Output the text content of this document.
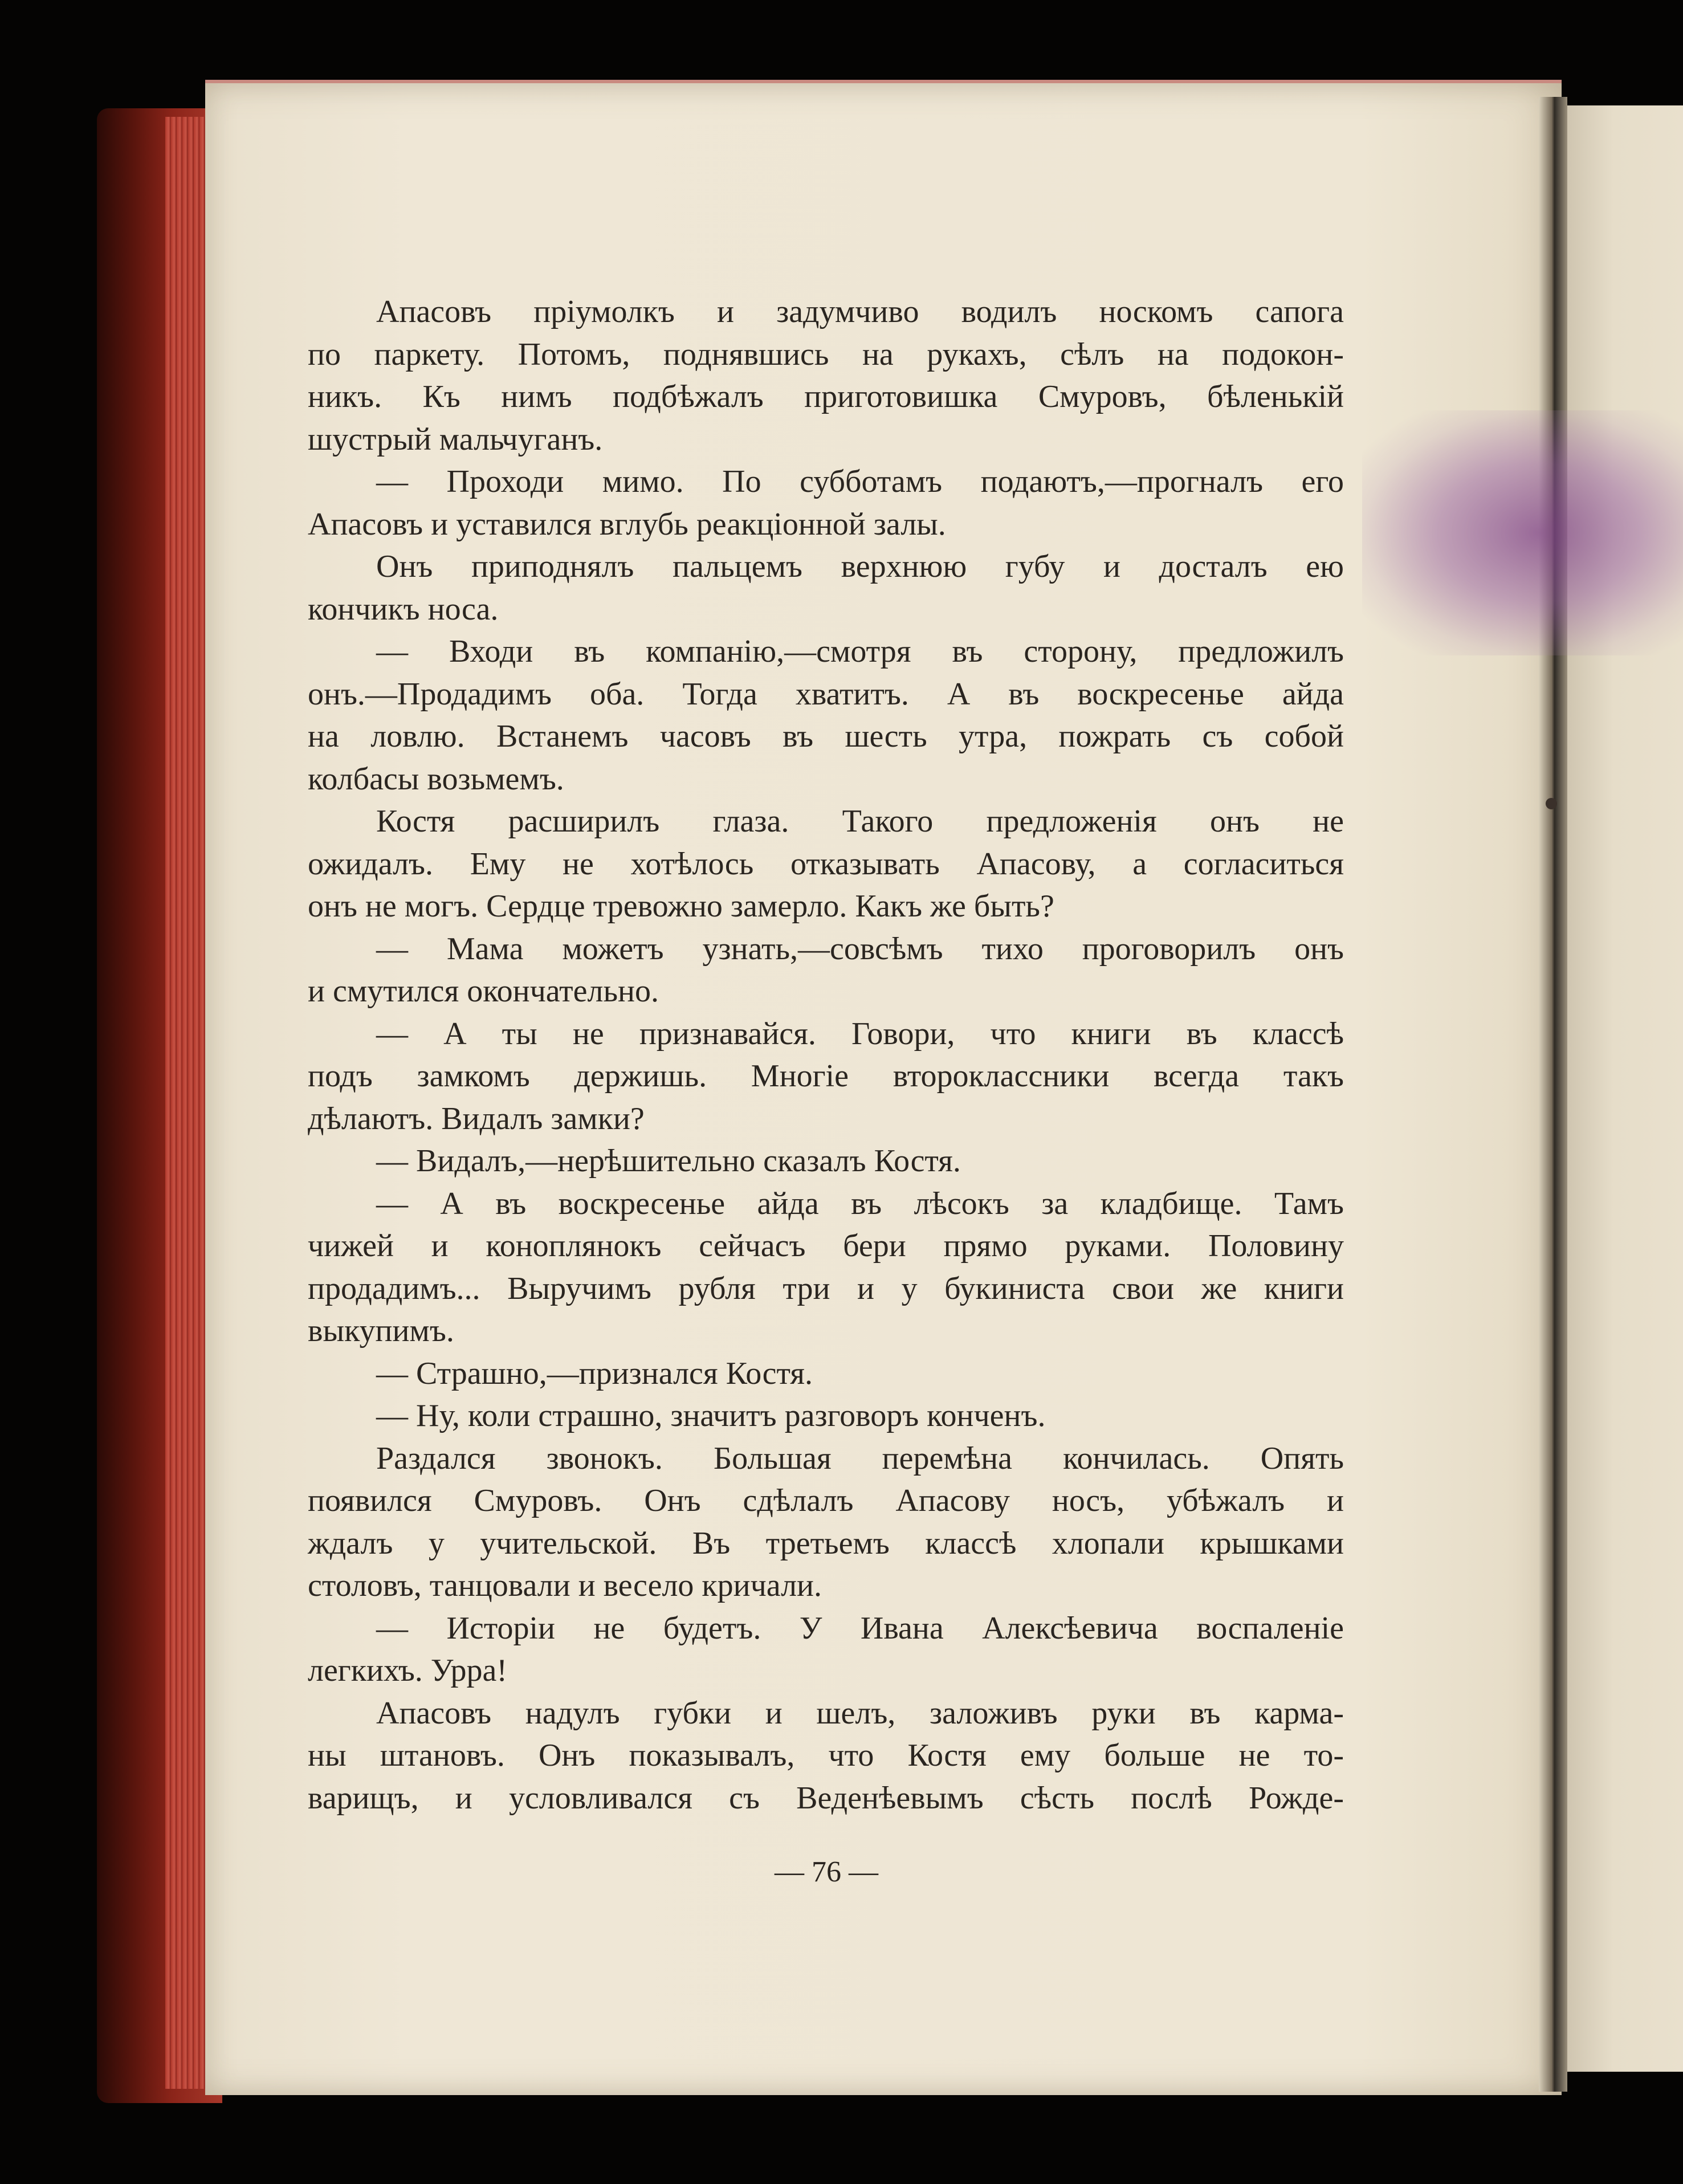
Апасовъ пріумолкъ и задумчиво водилъ носкомъ сапога

по паркету. Потомъ, поднявшись на рукахъ, сѣлъ на подокон-

никъ. Къ нимъ подбѣжалъ приготовишка Смуровъ, бѣленькій

шустрый мальчуганъ.

— Проходи мимо. По субботамъ подаютъ,—прогналъ его

Апасовъ и уставился вглубь реакціонной залы.

Онъ приподнялъ пальцемъ верхнюю губу и досталъ ею

кончикъ носа.

— Входи въ компанію,—смотря въ сторону, предложилъ

онъ.—Продадимъ оба. Тогда хватитъ. А въ воскресенье айда

на ловлю. Встанемъ часовъ въ шесть утра, пожрать съ собой

колбасы возьмемъ.

Костя расширилъ глаза. Такого предложенія онъ не

ожидалъ. Ему не хотѣлось отказывать Апасову, а согласиться

онъ не могъ. Сердце тревожно замерло. Какъ же быть?

— Мама можетъ узнать,—совсѣмъ тихо проговорилъ онъ

и смутился окончательно.

— А ты не признавайся. Говори, что книги въ классѣ

подъ замкомъ держишь. Многіе второклассники всегда такъ

дѣлаютъ. Видалъ замки?

— Видалъ,—нерѣшительно сказалъ Костя.

— А въ воскресенье айда въ лѣсокъ за кладбище. Тамъ

чижей и коноплянокъ сейчасъ бери прямо руками. Половину

продадимъ... Выручимъ рубля три и у букиниста свои же книги

выкупимъ.

— Страшно,—признался Костя.

— Ну, коли страшно, значитъ разговоръ конченъ.

Раздался звонокъ. Большая перемѣна кончилась. Опять

появился Смуровъ. Онъ сдѣлалъ Апасову носъ, убѣжалъ и

ждалъ у учительской. Въ третьемъ классѣ хлопали крышками

столовъ, танцовали и весело кричали.

— Исторіи не будетъ. У Ивана Алексѣевича воспаленіе

легкихъ. Урра!

Апасовъ надулъ губки и шелъ, заложивъ руки въ карма-

ны штановъ. Онъ показывалъ, что Костя ему больше не то-

варищъ, и условливался съ Веденѣевымъ сѣсть послѣ Рожде-

— 76 —
